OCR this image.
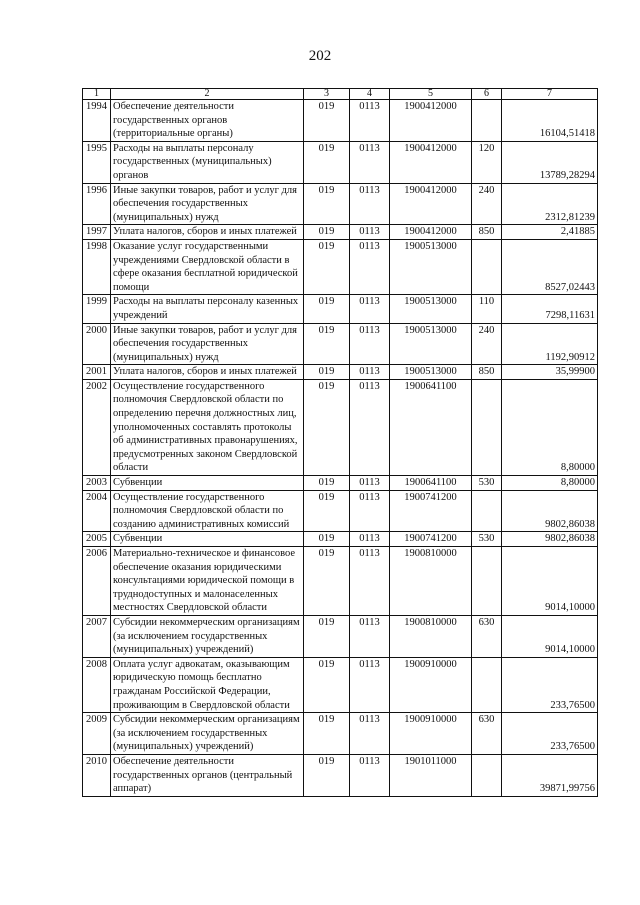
202
1	2	3	4	5	6	7
1994	Обеспечение деятельности государственных органов (территориальные органы)	019	0113	1900412000		16104,51418
1995	Расходы на выплаты персоналу государственных (муниципальных) органов	019	0113	1900412000	120	13789,28294
1996	Иные закупки товаров, работ и услуг для обеспечения государственных (муниципальных) нужд	019	0113	1900412000	240	2312,81239
1997	Уплата налогов, сборов и иных платежей	019	0113	1900412000	850	2,41885
1998	Оказание услуг государственными учреждениями Свердловской области в сфере оказания бесплатной юридической помощи	019	0113	1900513000		8527,02443
1999	Расходы на выплаты персоналу казенных учреждений	019	0113	1900513000	110	7298,11631
2000	Иные закупки товаров, работ и услуг для обеспечения государственных (муниципальных) нужд	019	0113	1900513000	240	1192,90912
2001	Уплата налогов, сборов и иных платежей	019	0113	1900513000	850	35,99900
2002	Осуществление государственного полномочия Свердловской области по определению перечня должностных лиц, уполномоченных составлять протоколы об административных правонарушениях, предусмотренных законом Свердловской области	019	0113	1900641100		8,80000
2003	Субвенции	019	0113	1900641100	530	8,80000
2004	Осуществление государственного полномочия Свердловской области по созданию административных комиссий	019	0113	1900741200		9802,86038
2005	Субвенции	019	0113	1900741200	530	9802,86038
2006	Материально-техническое и финансовое обеспечение оказания юридическими консультациями юридической помощи в труднодоступных и малонаселенных местностях Свердловской области	019	0113	1900810000		9014,10000
2007	Субсидии некоммерческим организациям (за исключением государственных (муниципальных) учреждений)	019	0113	1900810000	630	9014,10000
2008	Оплата услуг адвокатам, оказывающим юридическую помощь бесплатно гражданам Российской Федерации, проживающим в Свердловской области	019	0113	1900910000		233,76500
2009	Субсидии некоммерческим организациям (за исключением государственных (муниципальных) учреждений)	019	0113	1900910000	630	233,76500
2010	Обеспечение деятельности государственных органов (центральный аппарат)	019	0113	1901011000		39871,99756
